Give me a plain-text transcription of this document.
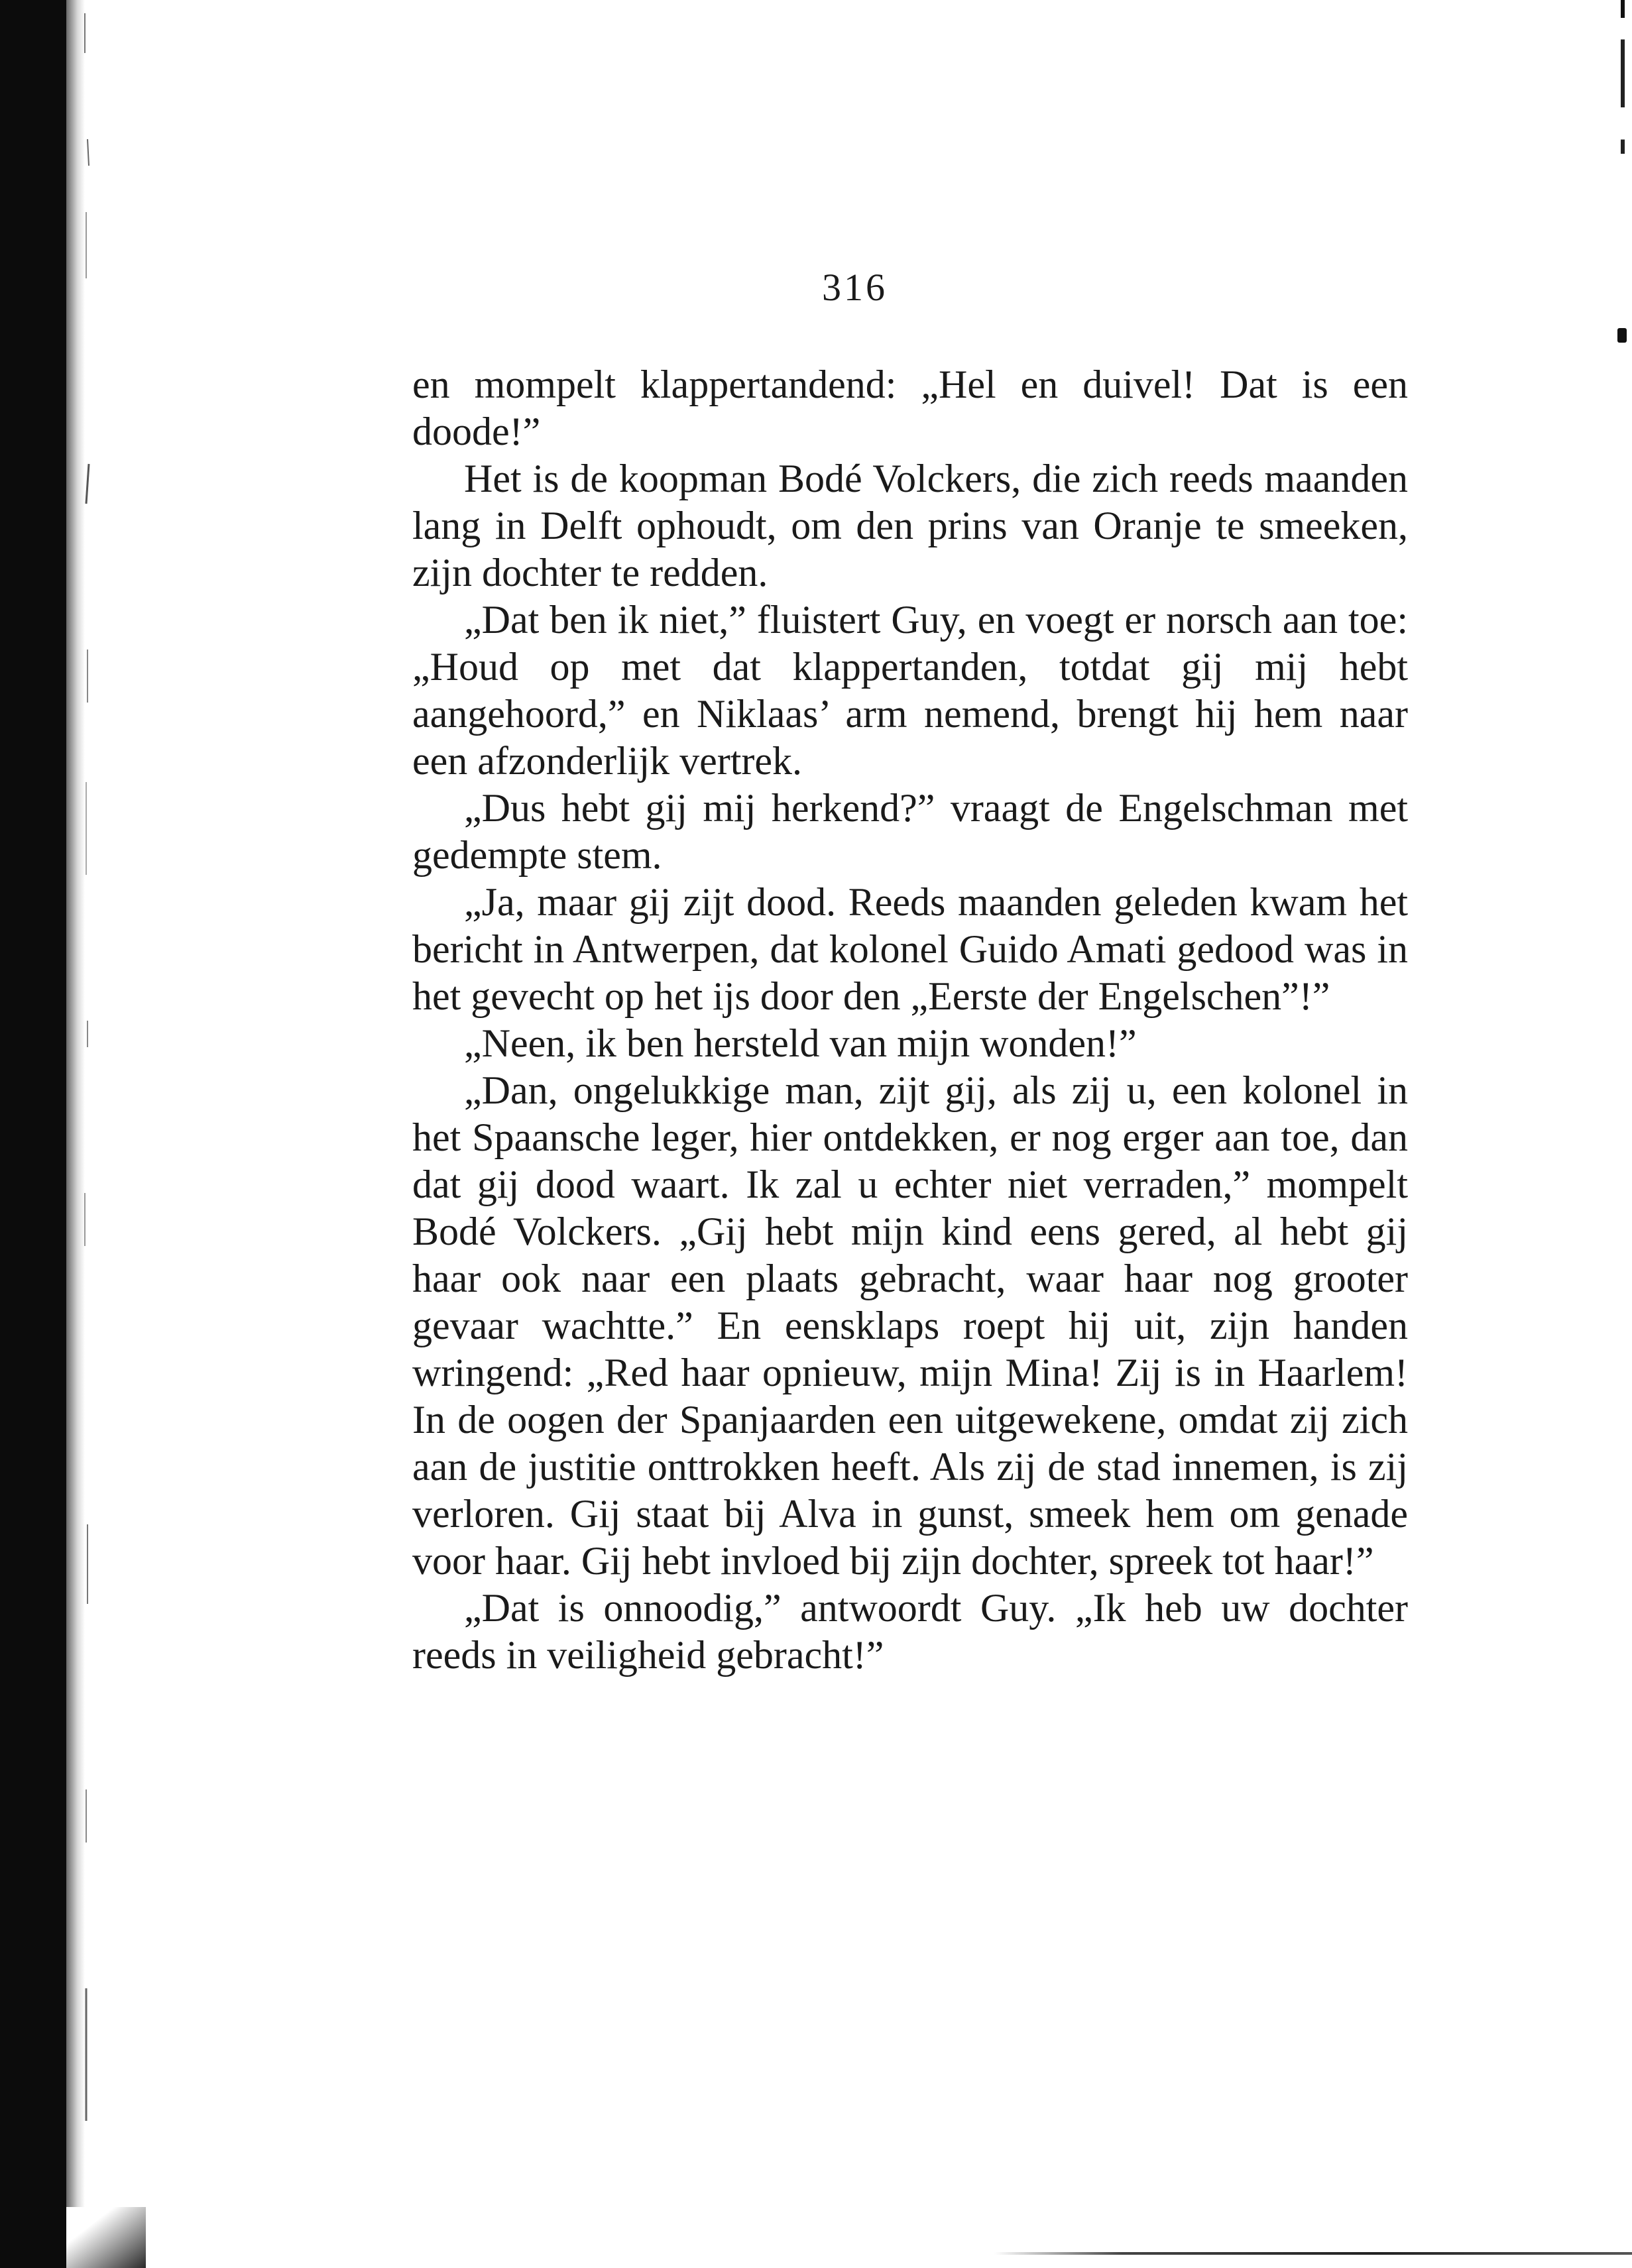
316

en mompelt klappertandend: „Hel en duivel! Dat is een doode!”

Het is de koopman Bodé Volckers, die zich reeds maanden lang in Delft ophoudt, om den prins van Oranje te smeeken, zijn dochter te redden.

„Dat ben ik niet,” fluistert Guy, en voegt er norsch aan toe: „Houd op met dat klappertanden, totdat gij mij hebt aangehoord,” en Niklaas’ arm nemend, brengt hij hem naar een afzonderlijk vertrek.

„Dus hebt gij mij herkend?” vraagt de Engelschman met gedempte stem.

„Ja, maar gij zijt dood. Reeds maanden geleden kwam het bericht in Antwerpen, dat kolonel Guido Amati gedood was in het gevecht op het ijs door den „Eerste der Engelschen”!”

„Neen, ik ben hersteld van mijn wonden!”

„Dan, ongelukkige man, zijt gij, als zij u, een kolonel in het Spaansche leger, hier ontdekken, er nog erger aan toe, dan dat gij dood waart. Ik zal u echter niet verraden,” mompelt Bodé Volckers. „Gij hebt mijn kind eens gered, al hebt gij haar ook naar een plaats gebracht, waar haar nog grooter gevaar wachtte.” En eensklaps roept hij uit, zijn handen wringend: „Red haar opnieuw, mijn Mina! Zij is in Haarlem! In de oogen der Spanjaarden een uitgewekene, omdat zij zich aan de justitie onttrokken heeft. Als zij de stad innemen, is zij verloren. Gij staat bij Alva in gunst, smeek hem om genade voor haar. Gij hebt invloed bij zijn dochter, spreek tot haar!”

„Dat is onnoodig,” antwoordt Guy. „Ik heb uw dochter reeds in veiligheid gebracht!”
